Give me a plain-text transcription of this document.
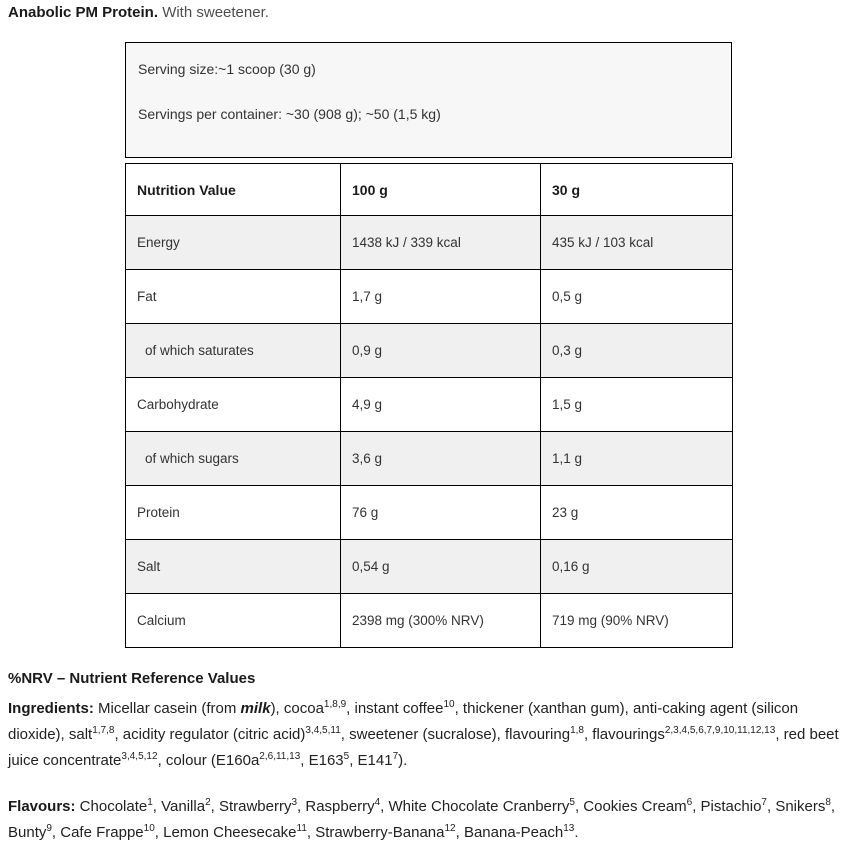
Anabolic PM Protein. With sweetener.
Serving size:~1 scoop (30 g)
Servings per container: ~30 (908 g); ~50 (1,5 kg)
Nutrition Value	100 g	30 g
Energy	1438 kJ / 339 kcal	435 kJ / 103 kcal
Fat	1,7 g	0,5 g
of which saturates	0,9 g	0,3 g
Carbohydrate	4,9 g	1,5 g
of which sugars	3,6 g	1,1 g
Protein	76 g	23 g
Salt	0,54 g	0,16 g
Calcium	2398 mg (300% NRV)	719 mg (90% NRV)
%NRV – Nutrient Reference Values

Ingredients: Micellar casein (from milk), cocoa$^{1,8,9}$, instant coffee$^{10}$, thickener (xanthan gum), anti-caking agent (silicon dioxide), salt$^{1,7,8}$, acidity regulator (citric acid)$^{3,4,5,11}$, sweetener (sucralose), flavouring$^{1,8}$, flavourings$^{2,3,4,5,6,7,9,10,11,12,13}$, red beet juice concentrate$^{3,4,5,12}$, colour ($E160a^{2,6,11,13}$, $E163^5$, $E141^7$).

Flavours: Chocolate$^1$, Vanilla$^2$, Strawberry$^3$, Raspberry$^4$, White Chocolate Cranberry$^5$, Cookies Cream$^6$, Pistachio$^7$, Snikers$^8$, Bunty$^9$, Cafe Frappe$^{10}$, Lemon Cheesecake$^{11}$, Strawberry-Banana$^{12}$, Banana-Peach$^{13}$.
